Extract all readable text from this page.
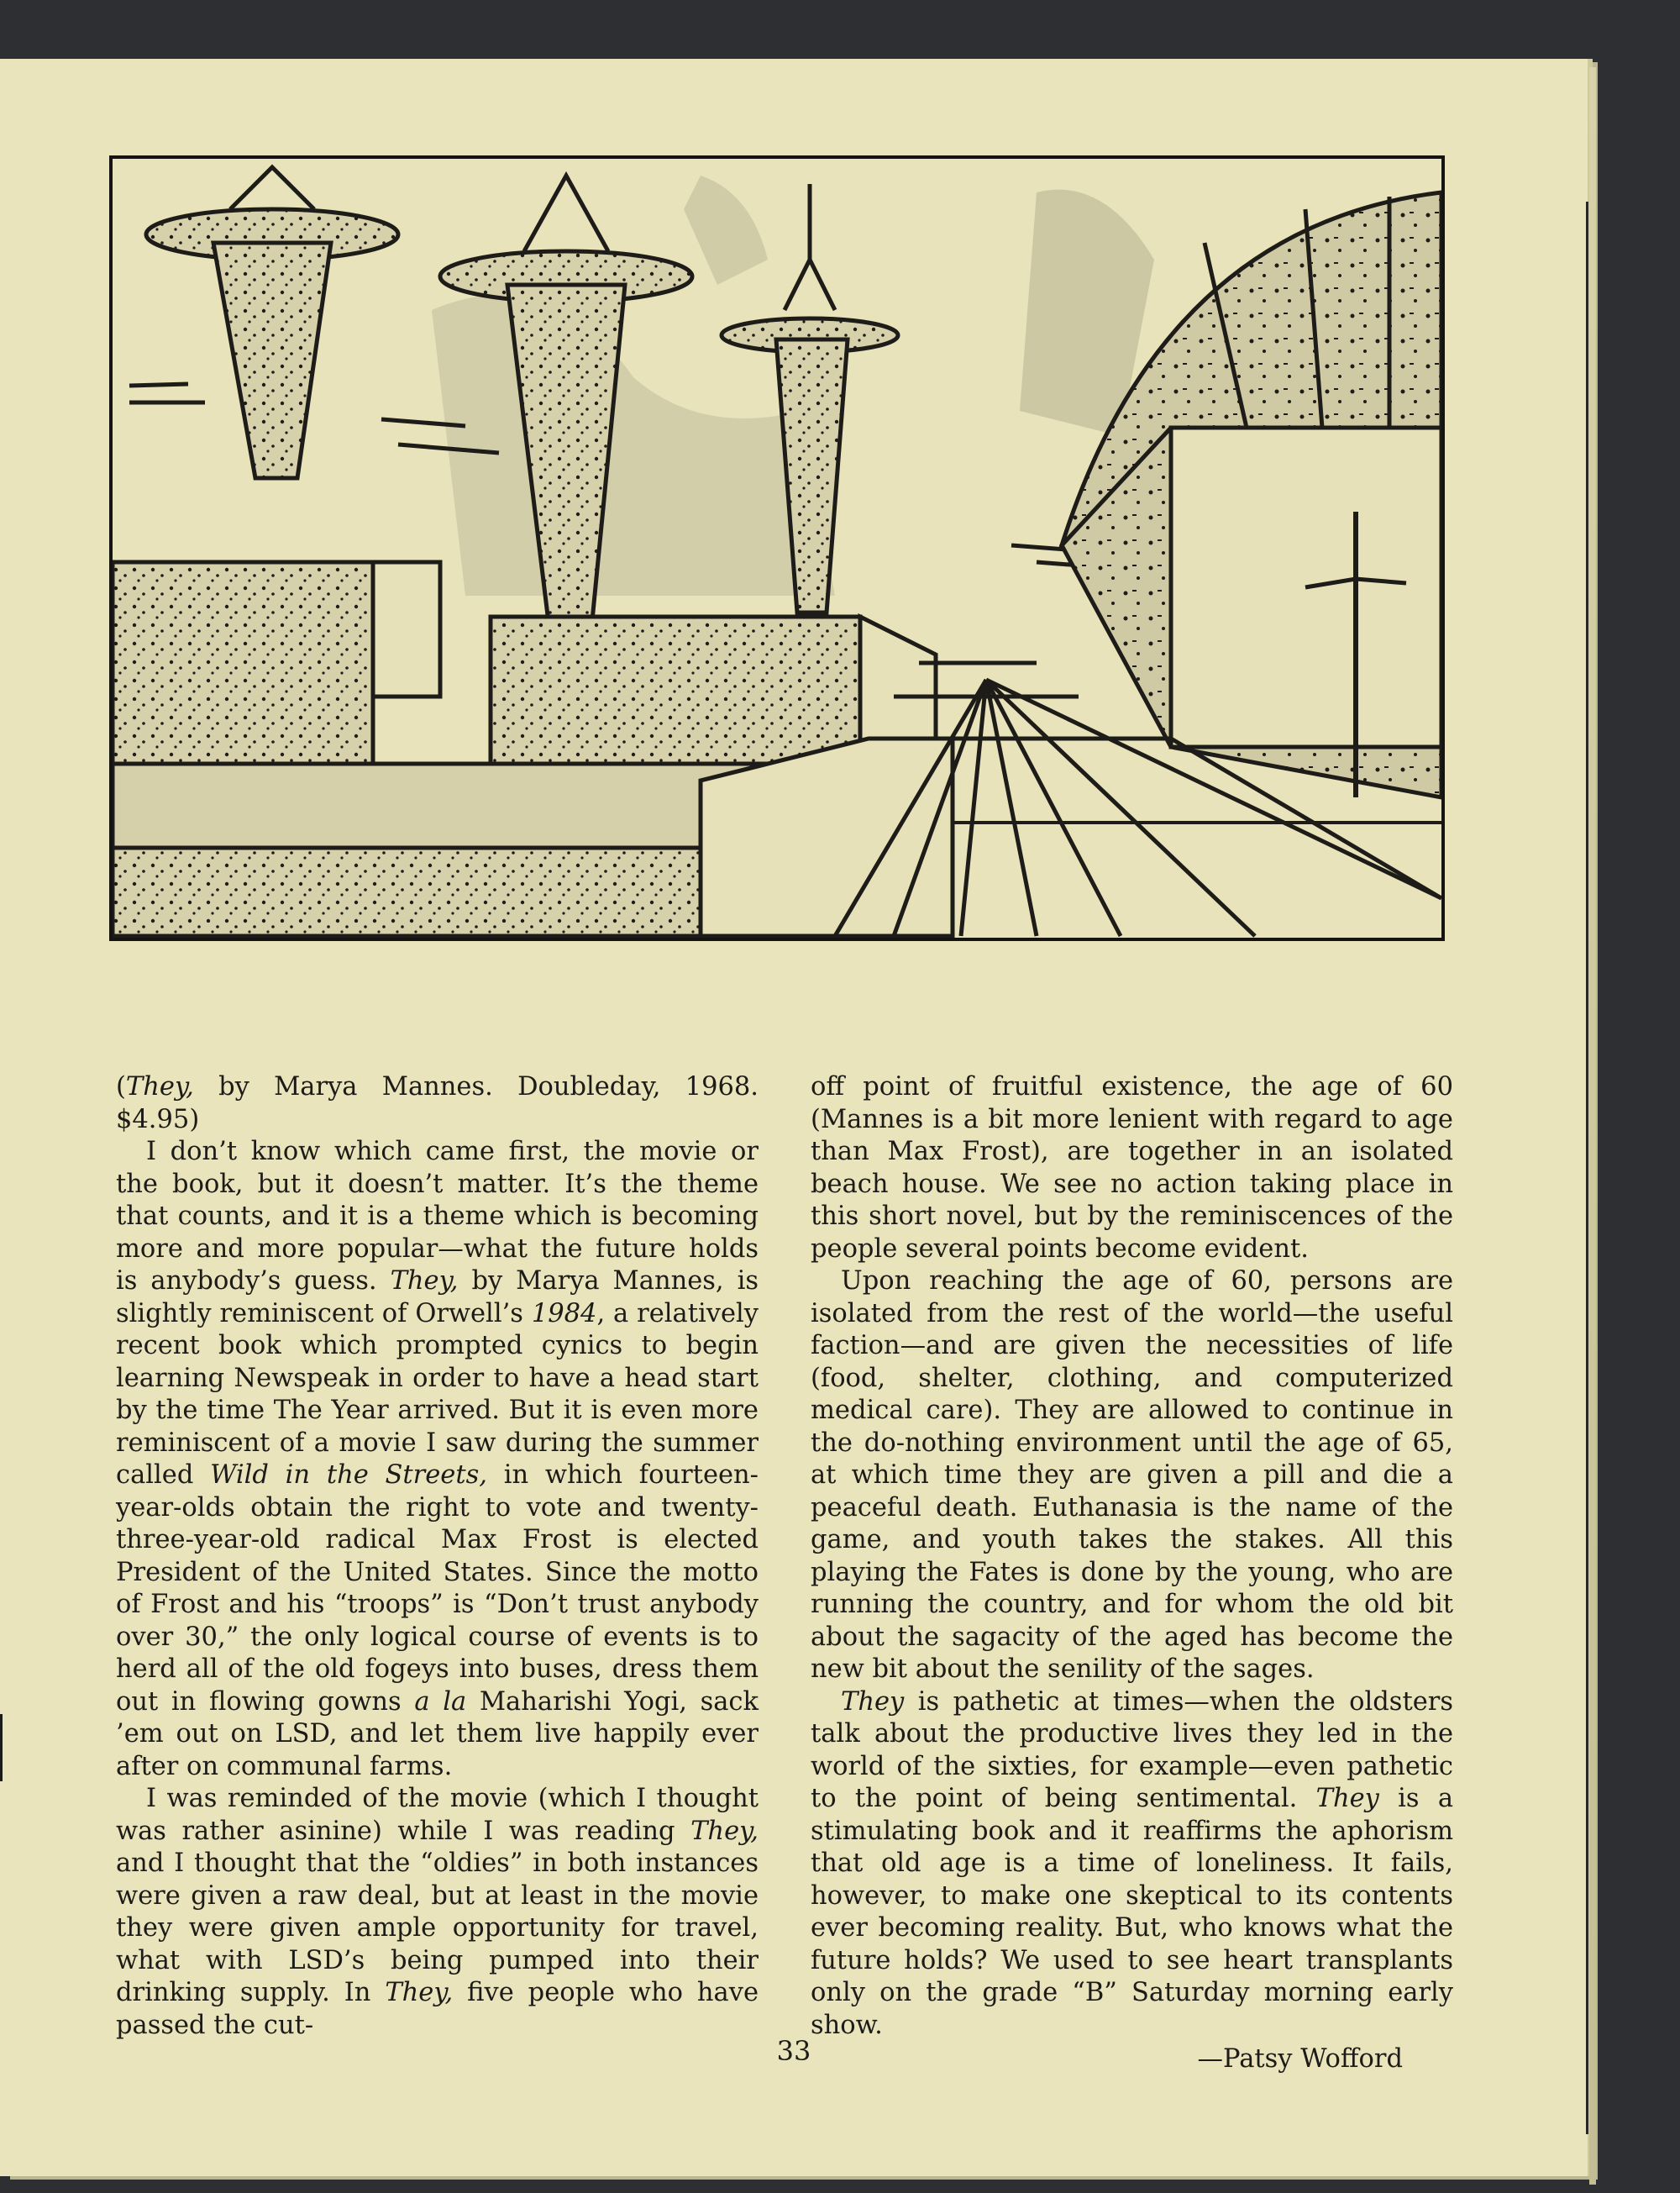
(They, by Marya Mannes. Doubleday, 1968. $4.95)

I don’t know which came first, the movie or the book, but it doesn’t matter. It’s the theme that counts, and it is a theme which is becoming more and more popular—what the future holds is anybody’s guess. They, by Marya Mannes, is slightly reminiscent of Orwell’s 1984, a relatively recent book which prompted cynics to begin learning Newspeak in order to have a head start by the time The Year arrived. But it is even more reminiscent of a movie I saw during the summer called Wild in the Streets, in which fourteen-year-olds obtain the right to vote and twenty-three-year-old radical Max Frost is elected President of the United States. Since the motto of Frost and his “troops” is “Don’t trust anybody over 30,” the only logical course of events is to herd all of the old fogeys into buses, dress them out in flowing gowns a la Maharishi Yogi, sack ’em out on LSD, and let them live happily ever after on communal farms.

I was reminded of the movie (which I thought was rather asinine) while I was reading They, and I thought that the “oldies” in both instances were given a raw deal, but at least in the movie they were given ample opportunity for travel, what with LSD’s being pumped into their drinking supply. In They, five people who have passed the cut-

off point of fruitful existence, the age of 60 (Mannes is a bit more lenient with regard to age than Max Frost), are together in an isolated beach house. We see no action taking place in this short novel, but by the reminiscences of the people several points become evident.

Upon reaching the age of 60, persons are isolated from the rest of the world—the useful faction—and are given the necessities of life (food, shelter, clothing, and computerized medical care). They are allowed to continue in the do-nothing environment until the age of 65, at which time they are given a pill and die a peaceful death. Euthanasia is the name of the game, and youth takes the stakes. All this playing the Fates is done by the young, who are running the country, and for whom the old bit about the sagacity of the aged has become the new bit about the senility of the sages.

They is pathetic at times—when the oldsters talk about the productive lives they led in the world of the sixties, for example—even pathetic to the point of being sentimental. They is a stimulating book and it reaffirms the aphorism that old age is a time of loneliness. It fails, however, to make one skeptical to its contents ever becoming reality. But, who knows what the future holds? We used to see heart transplants only on the grade “B” Saturday morning early show.

—Patsy Wofford

33
